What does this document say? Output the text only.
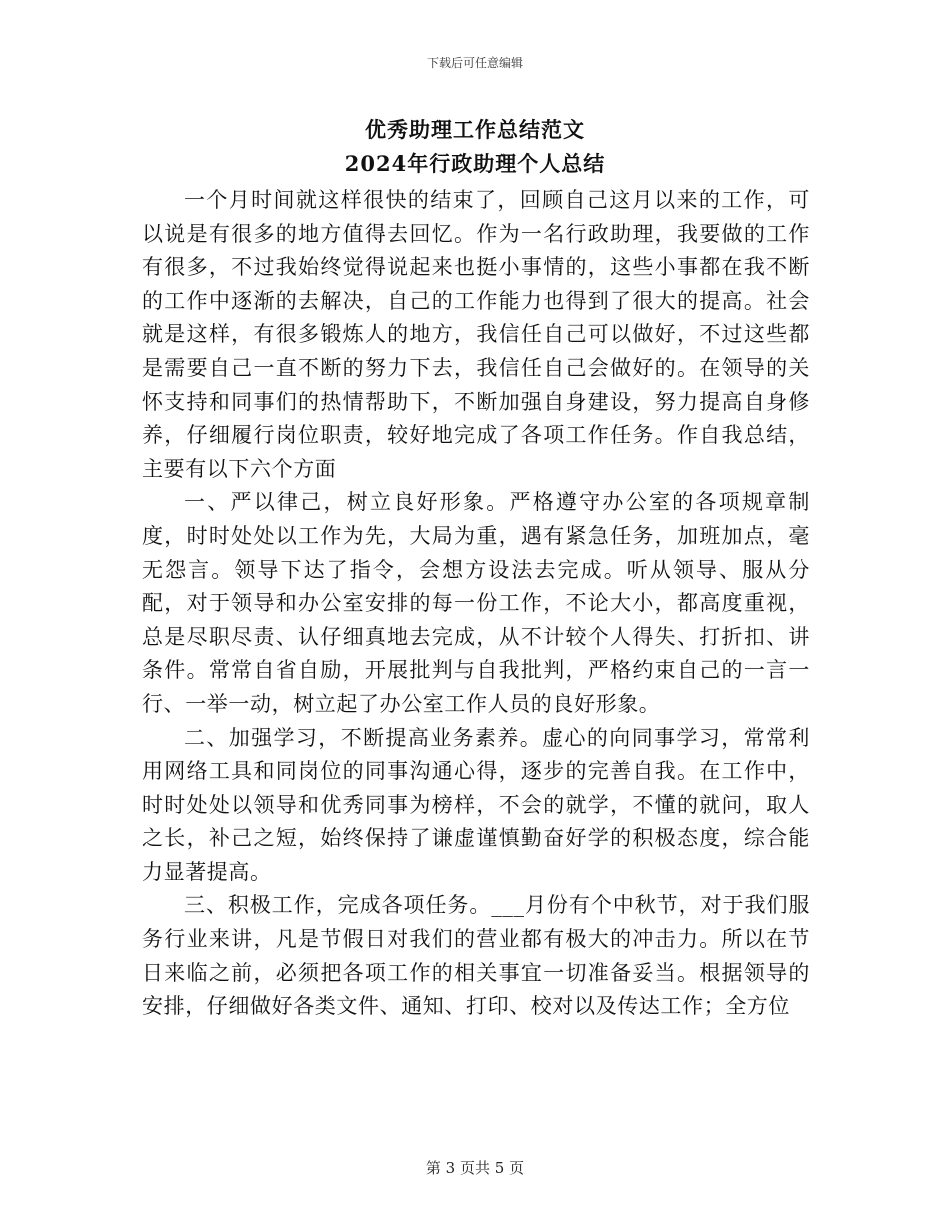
下载后可任意编辑
优秀助理工作总结范文
2024年行政助理个人总结

一个月时间就这样很快的结束了，回顾自己这月以来的工作，可以说是有很多的地方值得去回忆。作为一名行政助理，我要做的工作有很多，不过我始终觉得说起来也挺小事情的，这些小事都在我不断的工作中逐渐的去解决，自己的工作能力也得到了很大的提高。社会就是这样，有很多锻炼人的地方，我信任自己可以做好，不过这些都是需要自己一直不断的努力下去，我信任自己会做好的。在领导的关怀支持和同事们的热情帮助下，不断加强自身建设，努力提高自身修养，仔细履行岗位职责，较好地完成了各项工作任务。作自我总结，主要有以下六个方面

一、严以律己，树立良好形象。严格遵守办公室的各项规章制度，时时处处以工作为先，大局为重，遇有紧急任务，加班加点，毫无怨言。领导下达了指令，会想方设法去完成。听从领导、服从分配，对于领导和办公室安排的每一份工作，不论大小，都高度重视，总是尽职尽责、认仔细真地去完成，从不计较个人得失、打折扣、讲条件。常常自省自励，开展批判与自我批判，严格约束自己的一言一行、一举一动，树立起了办公室工作人员的良好形象。

二、加强学习，不断提高业务素养。虚心的向同事学习，常常利用网络工具和同岗位的同事沟通心得，逐步的完善自我。在工作中，时时处处以领导和优秀同事为榜样，不会的就学，不懂的就问，取人之长，补己之短，始终保持了谦虚谨慎勤奋好学的积极态度，综合能力显著提高。

三、积极工作，完成各项任务。___月份有个中秋节，对于我们服务行业来讲，凡是节假日对我们的营业都有极大的冲击力。所以在节日来临之前，必须把各项工作的相关事宜一切准备妥当。根据领导的安排，仔细做好各类文件、通知、打印、校对以及传达工作；全方位

第 3 页共 5 页
